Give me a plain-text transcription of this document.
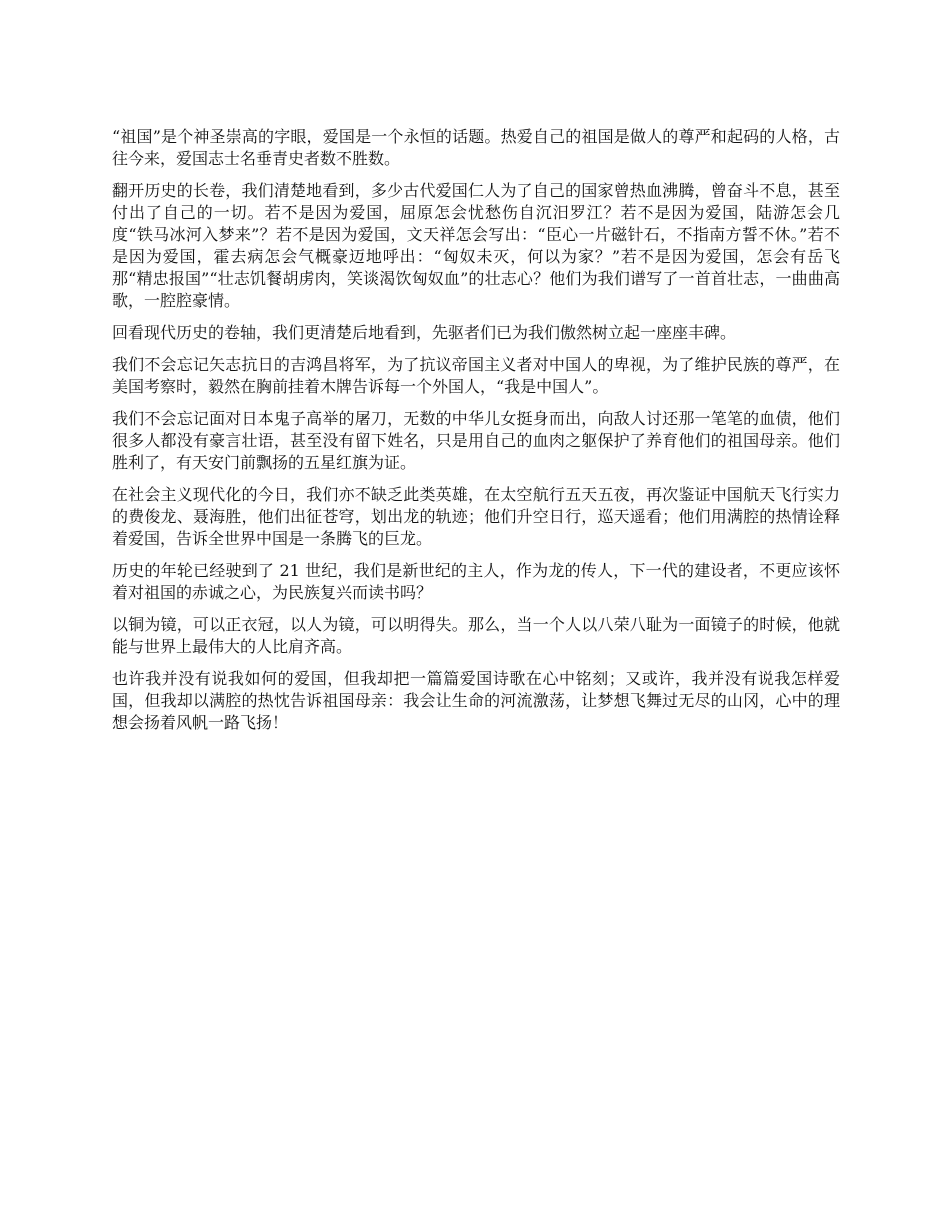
“祖国”是个神圣崇高的字眼，爱国是一个永恒的话题。热爱自己的祖国是做人的尊严和起码的人格，古往今来，爱国志士名垂青史者数不胜数。

翻开历史的长卷，我们清楚地看到，多少古代爱国仁人为了自己的国家曾热血沸腾，曾奋斗不息，甚至付出了自己的一切。若不是因为爱国，屈原怎会忧愁伤自沉汨罗江？若不是因为爱国，陆游怎会几度“铁马冰河入梦来”？若不是因为爱国，文天祥怎会写出：“臣心一片磁针石，不指南方誓不休。”若不是因为爱国，霍去病怎会气概豪迈地呼出：“匈奴未灭，何以为家？”若不是因为爱国，怎会有岳飞那“精忠报国”“壮志饥餐胡虏肉，笑谈渴饮匈奴血”的壮志心？他们为我们谱写了一首首壮志，一曲曲高歌，一腔腔豪情。

回看现代历史的卷轴，我们更清楚后地看到，先驱者们已为我们傲然树立起一座座丰碑。

我们不会忘记矢志抗日的吉鸿昌将军，为了抗议帝国主义者对中国人的卑视，为了维护民族的尊严，在美国考察时，毅然在胸前挂着木牌告诉每一个外国人，“我是中国人”。

我们不会忘记面对日本鬼子高举的屠刀，无数的中华儿女挺身而出，向敌人讨还那一笔笔的血债，他们很多人都没有豪言壮语，甚至没有留下姓名，只是用自己的血肉之躯保护了养育他们的祖国母亲。他们胜利了，有天安门前飘扬的五星红旗为证。

在社会主义现代化的今日，我们亦不缺乏此类英雄，在太空航行五天五夜，再次鉴证中国航天飞行实力的费俊龙、聂海胜，他们出征苍穹，划出龙的轨迹；他们升空日行，巡天遥看；他们用满腔的热情诠释着爱国，告诉全世界中国是一条腾飞的巨龙。

历史的年轮已经驶到了 21 世纪，我们是新世纪的主人，作为龙的传人，下一代的建设者，不更应该怀着对祖国的赤诚之心，为民族复兴而读书吗？

以铜为镜，可以正衣冠，以人为镜，可以明得失。那么，当一个人以八荣八耻为一面镜子的时候，他就能与世界上最伟大的人比肩齐高。

也许我并没有说我如何的爱国，但我却把一篇篇爱国诗歌在心中铭刻；又或许，我并没有说我怎样爱国，但我却以满腔的热忱告诉祖国母亲：我会让生命的河流激荡，让梦想飞舞过无尽的山冈，心中的理想会扬着风帆一路飞扬！
